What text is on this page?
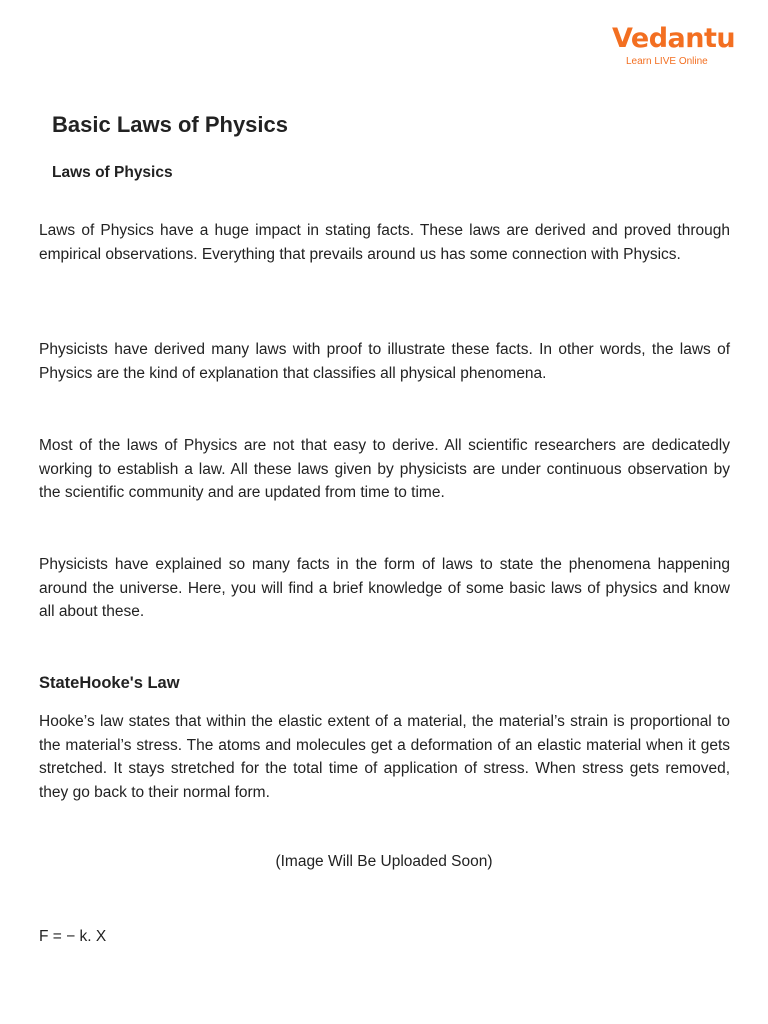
Vedantu
Learn LIVE Online
Basic Laws of Physics
Laws of Physics

Laws of Physics have a huge impact in stating facts. These laws are derived and proved through empirical observations. Everything that prevails around us has some connection with Physics.

Physicists have derived many laws with proof to illustrate these facts. In other words, the laws of Physics are the kind of explanation that classifies all physical phenomena.

Most of the laws of Physics are not that easy to derive. All scientific researchers are dedicatedly working to establish a law. All these laws given by physicists are under continuous observation by the scientific community and are updated from time to time.

Physicists have explained so many facts in the form of laws to state the phenomena happening around the universe. Here, you will find a brief knowledge of some basic laws of physics and know all about these.

StateHooke's Law

Hooke’s law states that within the elastic extent of a material, the material’s strain is proportional to the material’s stress. The atoms and molecules get a deformation of an elastic material when it gets stretched. It stays stretched for the total time of application of stress. When stress gets removed, they go back to their normal form.

(Image Will Be Uploaded Soon)

F = − k. X
